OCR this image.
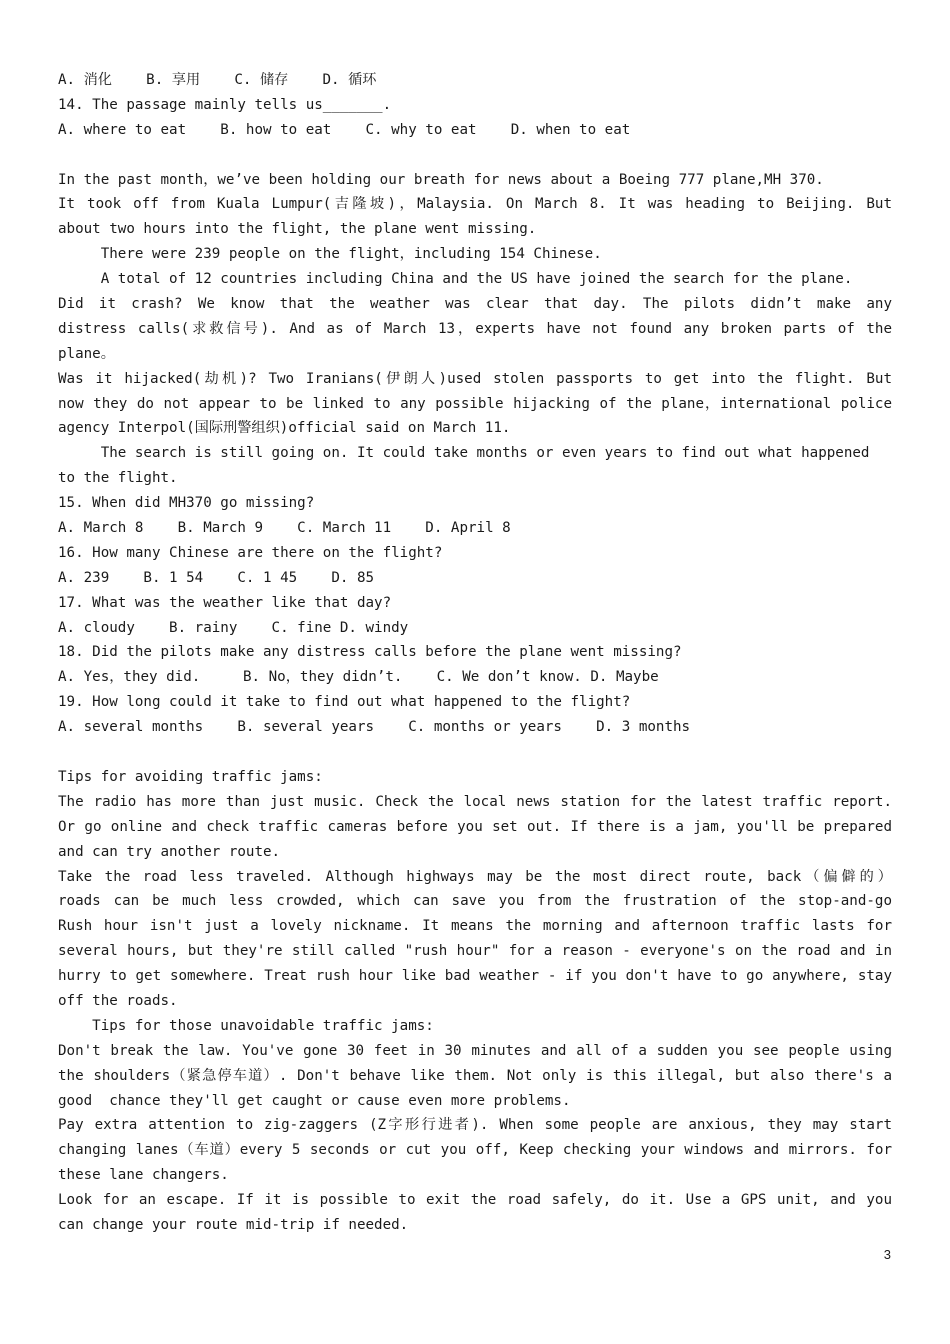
A. 消化    B. 享用    C. 储存    D. 循环
14. The passage mainly tells us_______.
A. where to eat    B. how to eat    C. why to eat    D. when to eat
In the past month，we’ve been holding our breath for news about a Boeing 777 plane,MH 370.
It took off from Kuala Lumpur(吉隆坡)，Malaysia. On March 8. It was heading to Beijing. But
about two hours into the flight, the plane went missing.
There were 239 people on the flight，including 154 Chinese.
A total of 12 countries including China and the US have joined the search for the plane.
Did it crash? We know that the weather was clear that day. The pilots didn’t make any
distress calls(求救信号). And as of March 13，experts have not found any broken parts of the
plane。
Was it hijacked(劫机)? Two Iranians(伊朗人)used stolen passports to get into the flight. But
now they do not appear to be linked to any possible hijacking of the plane，international police
agency Interpol(国际刑警组织)official said on March 11.
The search is still going on. It could take months or even years to find out what happened
to the flight.
15. When did MH370 go missing?
A. March 8    B. March 9    C. March 11    D. April 8
16. How many Chinese are there on the flight?
A. 239    B. 1 54    C. 1 45    D. 85
17. What was the weather like that day?
A. cloudy    B. rainy    C. fine D. windy
18. Did the pilots make any distress calls before the plane went missing?
A. Yes，they did.     B. No，they didn’t.    C. We don’t know. D. Maybe
19. How long could it take to find out what happened to the flight?
A. several months    B. several years    C. months or years    D. 3 months
Tips for avoiding traffic jams:
The radio has more than just music. Check the local news station for the latest traffic report.
Or go online and check traffic cameras before you set out. If there is a jam, you'll be prepared
and can try another route.
Take the road less traveled. Although highways may be the most direct route, back（偏僻的）
roads can be much less crowded, which can save you from the frustration of the stop-and-go
Rush hour isn't just a lovely nickname. It means the morning and afternoon traffic lasts for
several hours, but they're still called "rush hour" for a reason - everyone's on the road and in
hurry to get somewhere. Treat rush hour like bad weather - if you don't have to go anywhere, stay
off the roads.
Tips for those unavoidable traffic jams:
Don't break the law. You've gone 30 feet in 30 minutes and all of a sudden you see people using
the shoulders（紧急停车道）. Don't behave like them. Not only is this illegal, but also there's a
good  chance they'll get caught or cause even more problems.
Pay extra attention to zig-zaggers (Z字形行进者). When some people are anxious, they may start
changing lanes（车道）every 5 seconds or cut you off, Keep checking your windows and mirrors. for
these lane changers.
Look for an escape. If it is possible to exit the road safely, do it. Use a GPS unit, and you
can change your route mid-trip if needed.
3
